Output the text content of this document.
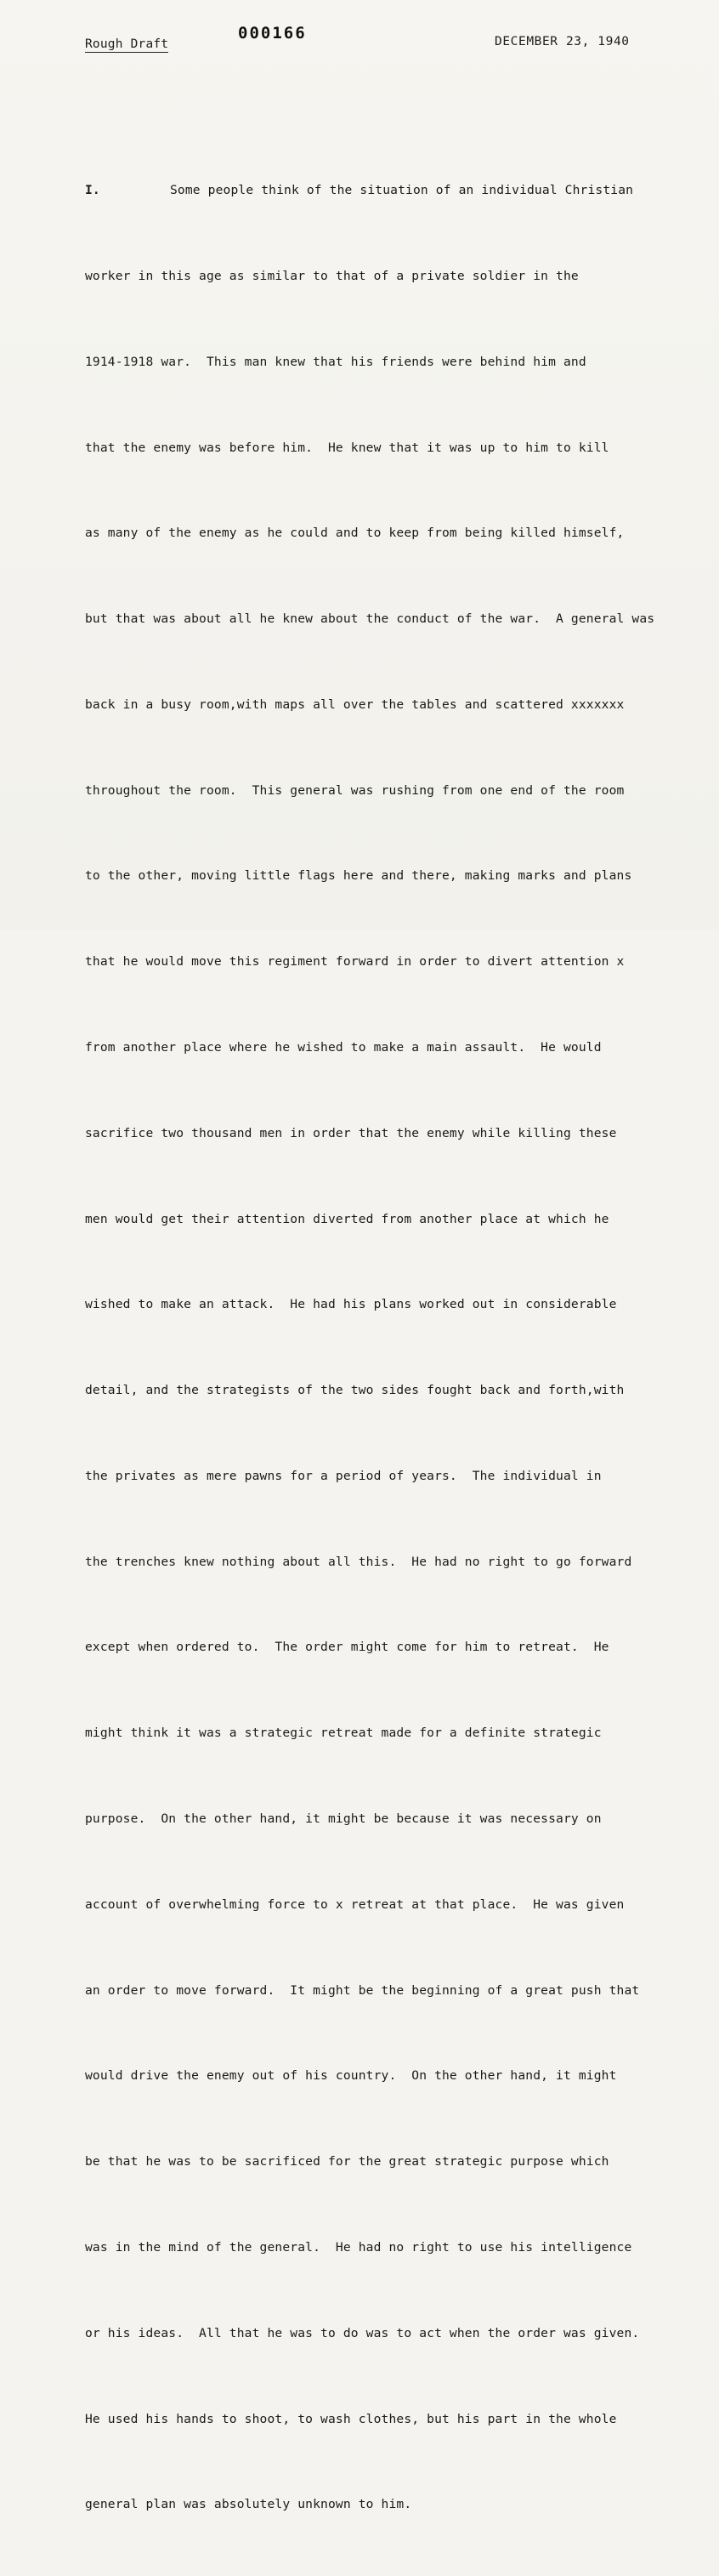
Rough Draft
000166	DECEMBER 23, 1940

I.	Some people think of the situation of an individual Christian

worker in this age as similar to that of a private soldier in the

1914-1918 war.  This man knew that his friends were behind him and

that the enemy was before him.  He knew that it was up to him to kill

as many of the enemy as he could and to keep from being killed himself,

but that was about all he knew about the conduct of the war.  A general was

back in a busy room,with maps all over the tables and scattered xxxxxxx

throughout the room.  This general was rushing from one end of the room

to the other, moving little flags here and there, making marks and plans

that he would move this regiment forward in order to divert attention x

from another place where he wished to make a main assault.  He would

sacrifice two thousand men in order that the enemy while killing these

men would get their attention diverted from another place at which he

wished to make an attack.  He had his plans worked out in considerable

detail, and the strategists of the two sides fought back and forth,with

the privates as mere pawns for a period of years.  The individual in

the trenches knew nothing about all this.  He had no right to go forward

except when ordered to.  The order might come for him to retreat.  He

might think it was a strategic retreat made for a definite strategic

purpose.  On the other hand, it might be because it was necessary on

account of overwhelming force to x retreat at that place.  He was given

an order to move forward.  It might be the beginning of a great push that

would drive the enemy out of his country.  On the other hand, it might

be that he was to be sacrificed for the great strategic purpose which

was in the mind of the general.  He had no right to use his intelligence

or his ideas.  All that he was to do was to act when the order was given.

He used his hands to shoot, to wash clothes, but his part in the whole

general plan was absolutely unknown to him.
